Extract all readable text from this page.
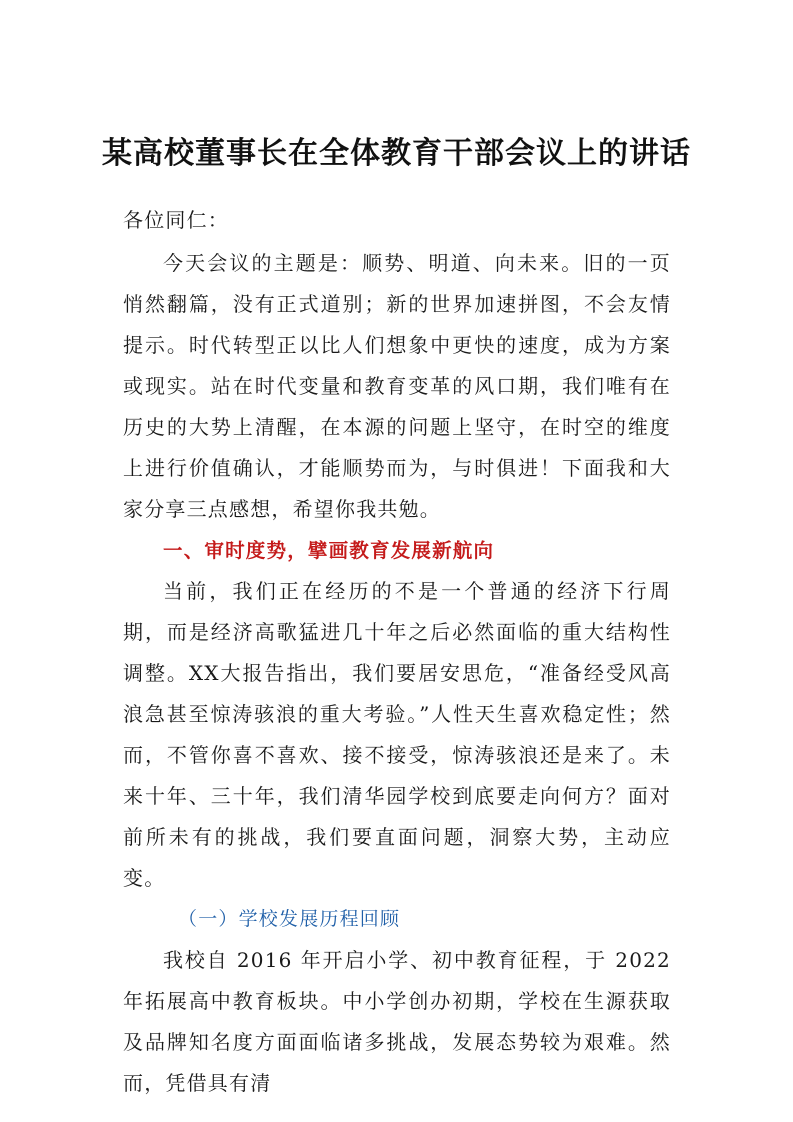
某高校董事长在全体教育干部会议上的讲话

各位同仁：

今天会议的主题是：顺势、明道、向未来。旧的一页悄然翻篇，没有正式道别；新的世界加速拼图，不会友情提示。时代转型正以比人们想象中更快的速度，成为方案或现实。站在时代变量和教育变革的风口期，我们唯有在历史的大势上清醒，在本源的问题上坚守，在时空的维度上进行价值确认，才能顺势而为，与时俱进！下面我和大家分享三点感想，希望你我共勉。

一、审时度势，擘画教育发展新航向

当前，我们正在经历的不是一个普通的经济下行周期，而是经济高歌猛进几十年之后必然面临的重大结构性调整。XX大报告指出，我们要居安思危，“准备经受风高浪急甚至惊涛骇浪的重大考验。”人性天生喜欢稳定性；然而，不管你喜不喜欢、接不接受，惊涛骇浪还是来了。未来十年、三十年，我们清华园学校到底要走向何方？面对前所未有的挑战，我们要直面问题，洞察大势，主动应变。

（一）学校发展历程回顾

我校自 2016 年开启小学、初中教育征程，于 2022 年拓展高中教育板块。中小学创办初期，学校在生源获取及品牌知名度方面面临诸多挑战，发展态势较为艰难。然而，凭借具有清
